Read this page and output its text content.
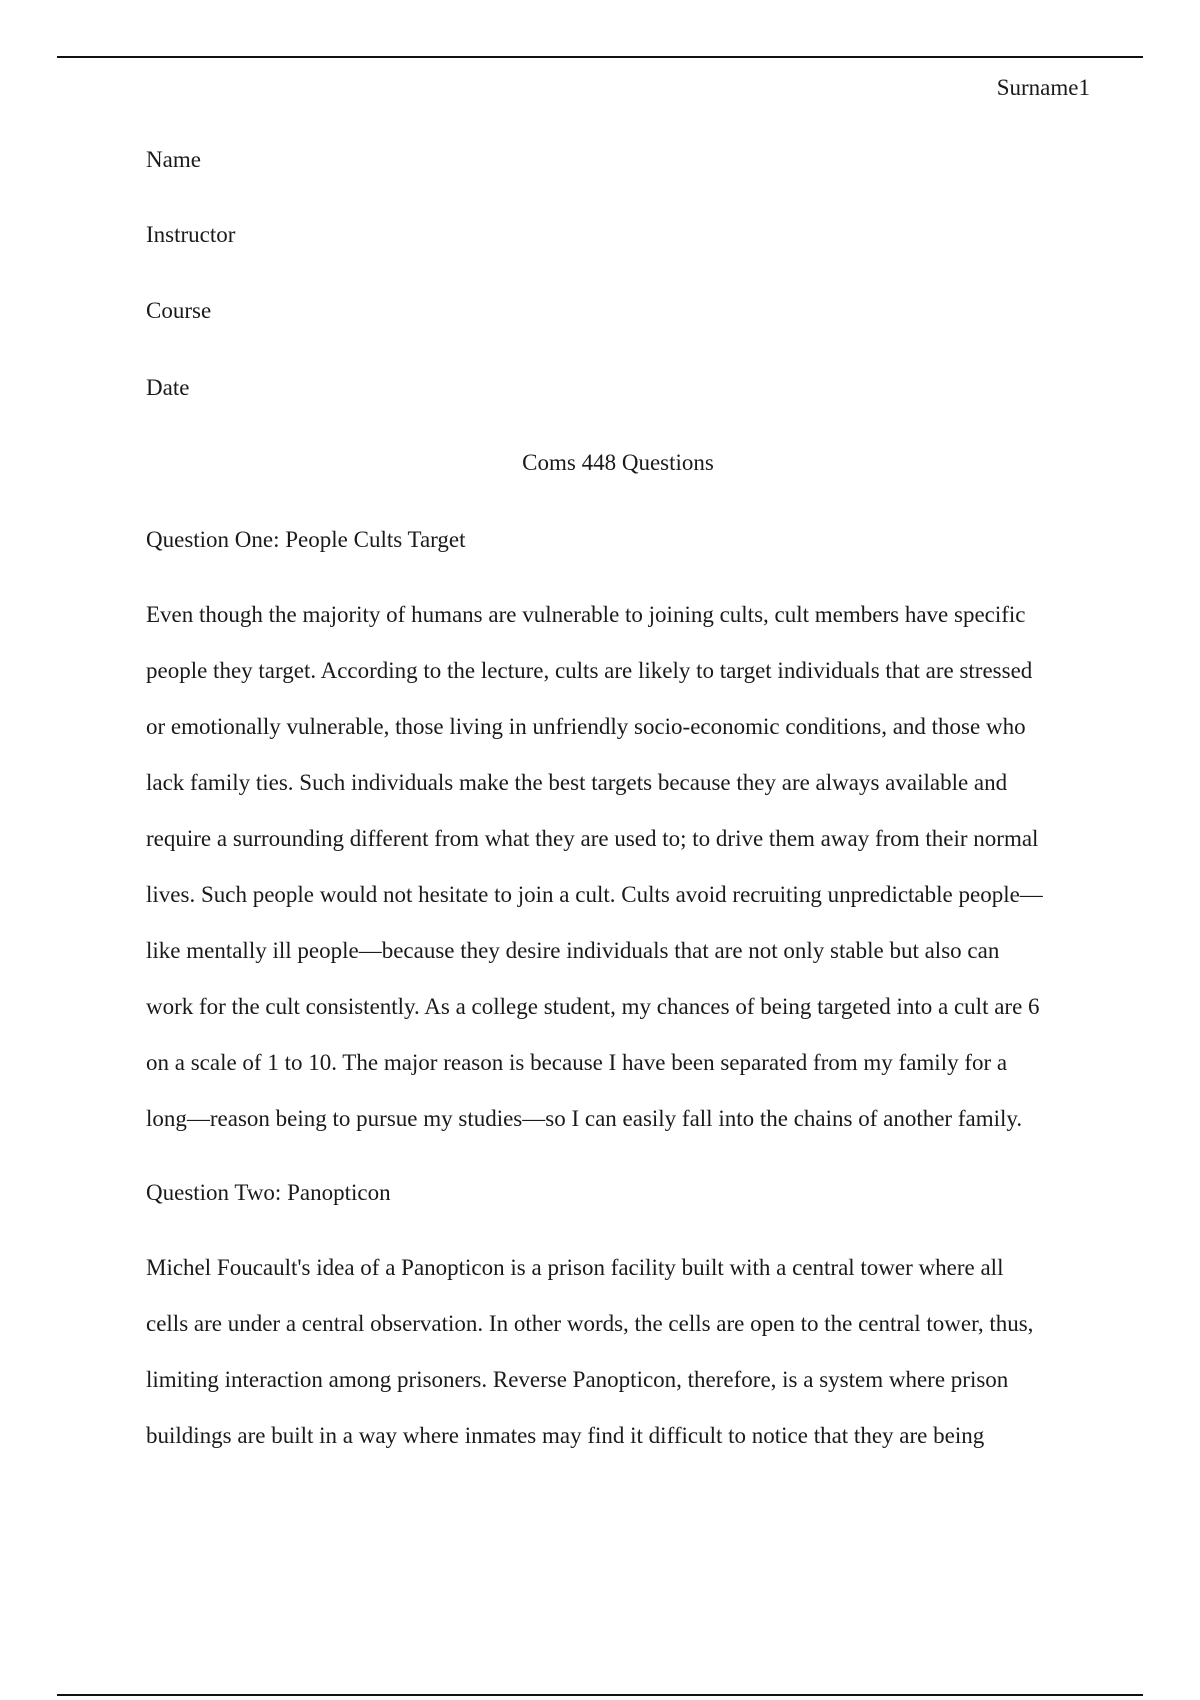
Surname1
Name
Instructor
Course
Date
Coms 448 Questions
Question One: People Cults Target
Even though the majority of humans are vulnerable to joining cults, cult members have specific
people they target. According to the lecture, cults are likely to target individuals that are stressed
or emotionally vulnerable, those living in unfriendly socio-economic conditions, and those who
lack family ties. Such individuals make the best targets because they are always available and
require a surrounding different from what they are used to; to drive them away from their normal
lives. Such people would not hesitate to join a cult. Cults avoid recruiting unpredictable people—
like mentally ill people—because they desire individuals that are not only stable but also can
work for the cult consistently. As a college student, my chances of being targeted into a cult are 6
on a scale of 1 to 10. The major reason is because I have been separated from my family for a
long—reason being to pursue my studies—so I can easily fall into the chains of another family.
Question Two: Panopticon
Michel Foucault's idea of a Panopticon is a prison facility built with a central tower where all
cells are under a central observation. In other words, the cells are open to the central tower, thus,
limiting interaction among prisoners. Reverse Panopticon, therefore, is a system where prison
buildings are built in a way where inmates may find it difficult to notice that they are being
